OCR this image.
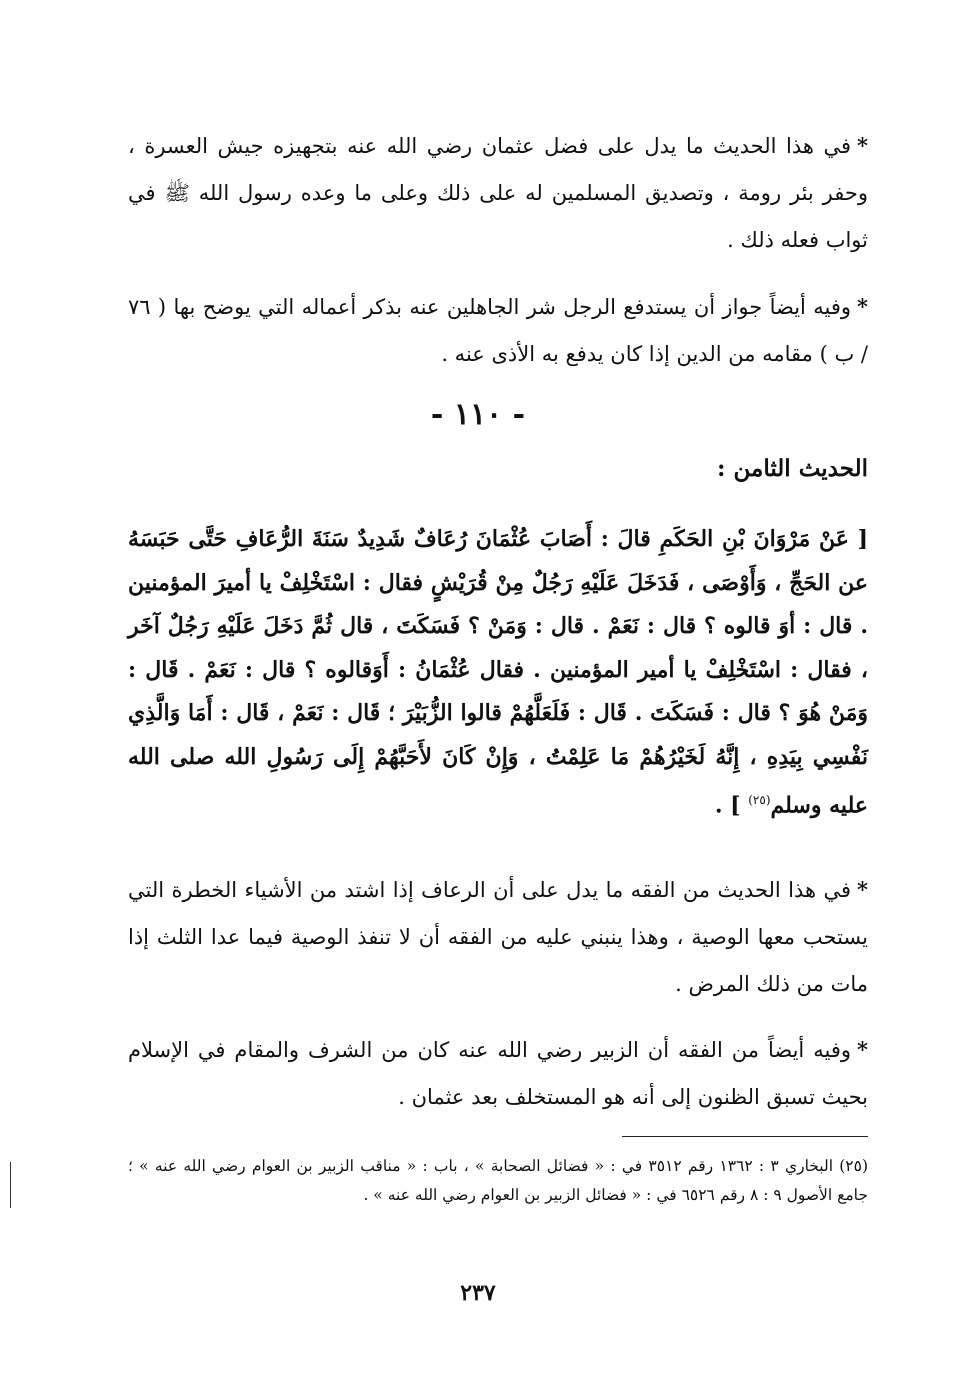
*في هذا الحديث ما يدل على فضل عثمان رضي الله عنه بتجهيزه جيش العسرة ، وحفر بئر رومة ، وتصديق المسلمين له على ذلك وعلى ما وعده رسول الله ﷺ في ثواب فعله ذلك .
*وفيه أيضاً جواز أن يستدفع الرجل شر الجاهلين عنه بذكر أعماله التي يوضح بها ( ٧٦ / ب ) مقامه من الدين إذا كان يدفع به الأذى عنه .
- ١١٠ -
الحديث الثامن :
[ عَنْ مَرْوَانَ بْنِ الحَكَمِ قالَ : أَصَابَ عُثْمَانَ رُعَافٌ شَدِيدٌ سَنَةَ الرُّعَافِ حَتَّى حَبَسَهُ عن الحَجِّ ، وَأَوْصَى ، فَدَخَلَ عَلَيْهِ رَجُلٌ مِنْ قُرَيْشٍ فقال : اسْتَخْلِفْ يا أميرَ المؤمنين . قال : أوَ قالوه ؟ قال : نَعَمْ . قال : وَمَنْ ؟ فَسَكَتَ ، قال ثُمَّ دَخَلَ عَلَيْهِ رَجُلٌ آخَر ، فقال : اسْتَخْلِفْ يا أمير المؤمنين . فقال عُثْمَانُ : أَوَقالوه ؟ قال : نَعَمْ . قَال : وَمَنْ هُوَ ؟ قال : فَسَكَتَ . قَال : فَلَعَلَّهُمْ قالوا الزُّبَيْرَ ؛ قَال : نَعَمْ ، قَال : أَمَا وَالَّذِي نَفْسِي بِيَدِهِ ، إِنَّهُ لَخَيْرُهُمْ مَا عَلِمْتُ ، وَإِنْ كَانَ لأَحَبَّهُمْ إِلَى رَسُولِ الله صلى الله عليه وسلم$^{(٢٥)}$ ] .
*في هذا الحديث من الفقه ما يدل على أن الرعاف إذا اشتد من الأشياء الخطرة التي يستحب معها الوصية ، وهذا ينبني عليه من الفقه أن لا تنفذ الوصية فيما عدا الثلث إذا مات من ذلك المرض .
*وفيه أيضاً من الفقه أن الزبير رضي الله عنه كان من الشرف والمقام في الإسلام بحيث تسبق الظنون إلى أنه هو المستخلف بعد عثمان .
(٢٥) البخاري ٣ : ١٣٦٢ رقم ٣٥١٢ في : « فضائل الصحابة » ، باب : « مناقب الزبير بن العوام رضي الله عنه » ؛ جامع الأصول ٩ : ٨ رقم ٦٥٢٦ في : « فضائل الزبير بن العوام رضي الله عنه » .
٢٣٧
